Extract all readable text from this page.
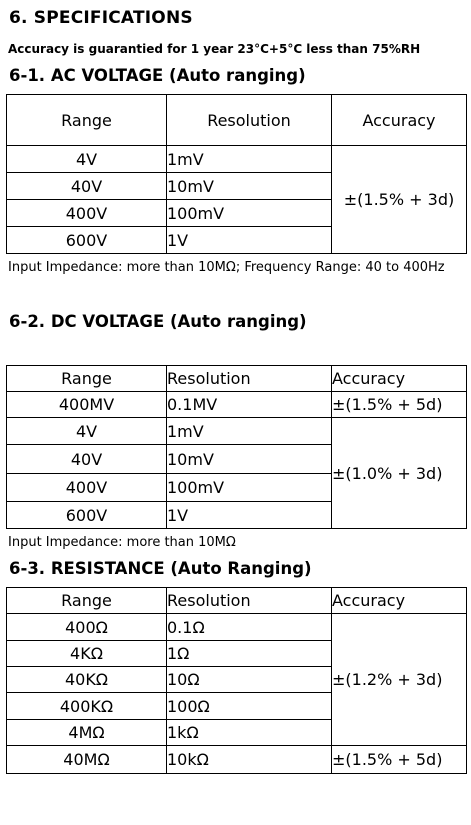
6. SPECIFICATIONS
Accuracy is guarantied for 1 year 23°C+5°C less than 75%RH
6-1. AC VOLTAGE (Auto ranging)
Range	Resolution	Accuracy
4V	1mV	±(1.5% + 3d)
40V	10mV	
400V	100mV	
600V	1V	
Input Impedance: more than 10MΩ; Frequency Range: 40 to 400Hz
6-2. DC VOLTAGE (Auto ranging)
Range	Resolution	Accuracy
400MV	0.1MV	±(1.5% + 5d)
4V	1mV	±(1.0% + 3d)
40V	10mV	
400V	100mV	
600V	1V	
Input Impedance: more than 10MΩ
6-3. RESISTANCE (Auto Ranging)
Range	Resolution	Accuracy
400Ω	0.1Ω	±(1.2% + 3d)
4KΩ	1Ω	
40KΩ	10Ω	
400KΩ	100Ω	
4MΩ	1kΩ	
40MΩ	10kΩ	±(1.5% + 5d)
